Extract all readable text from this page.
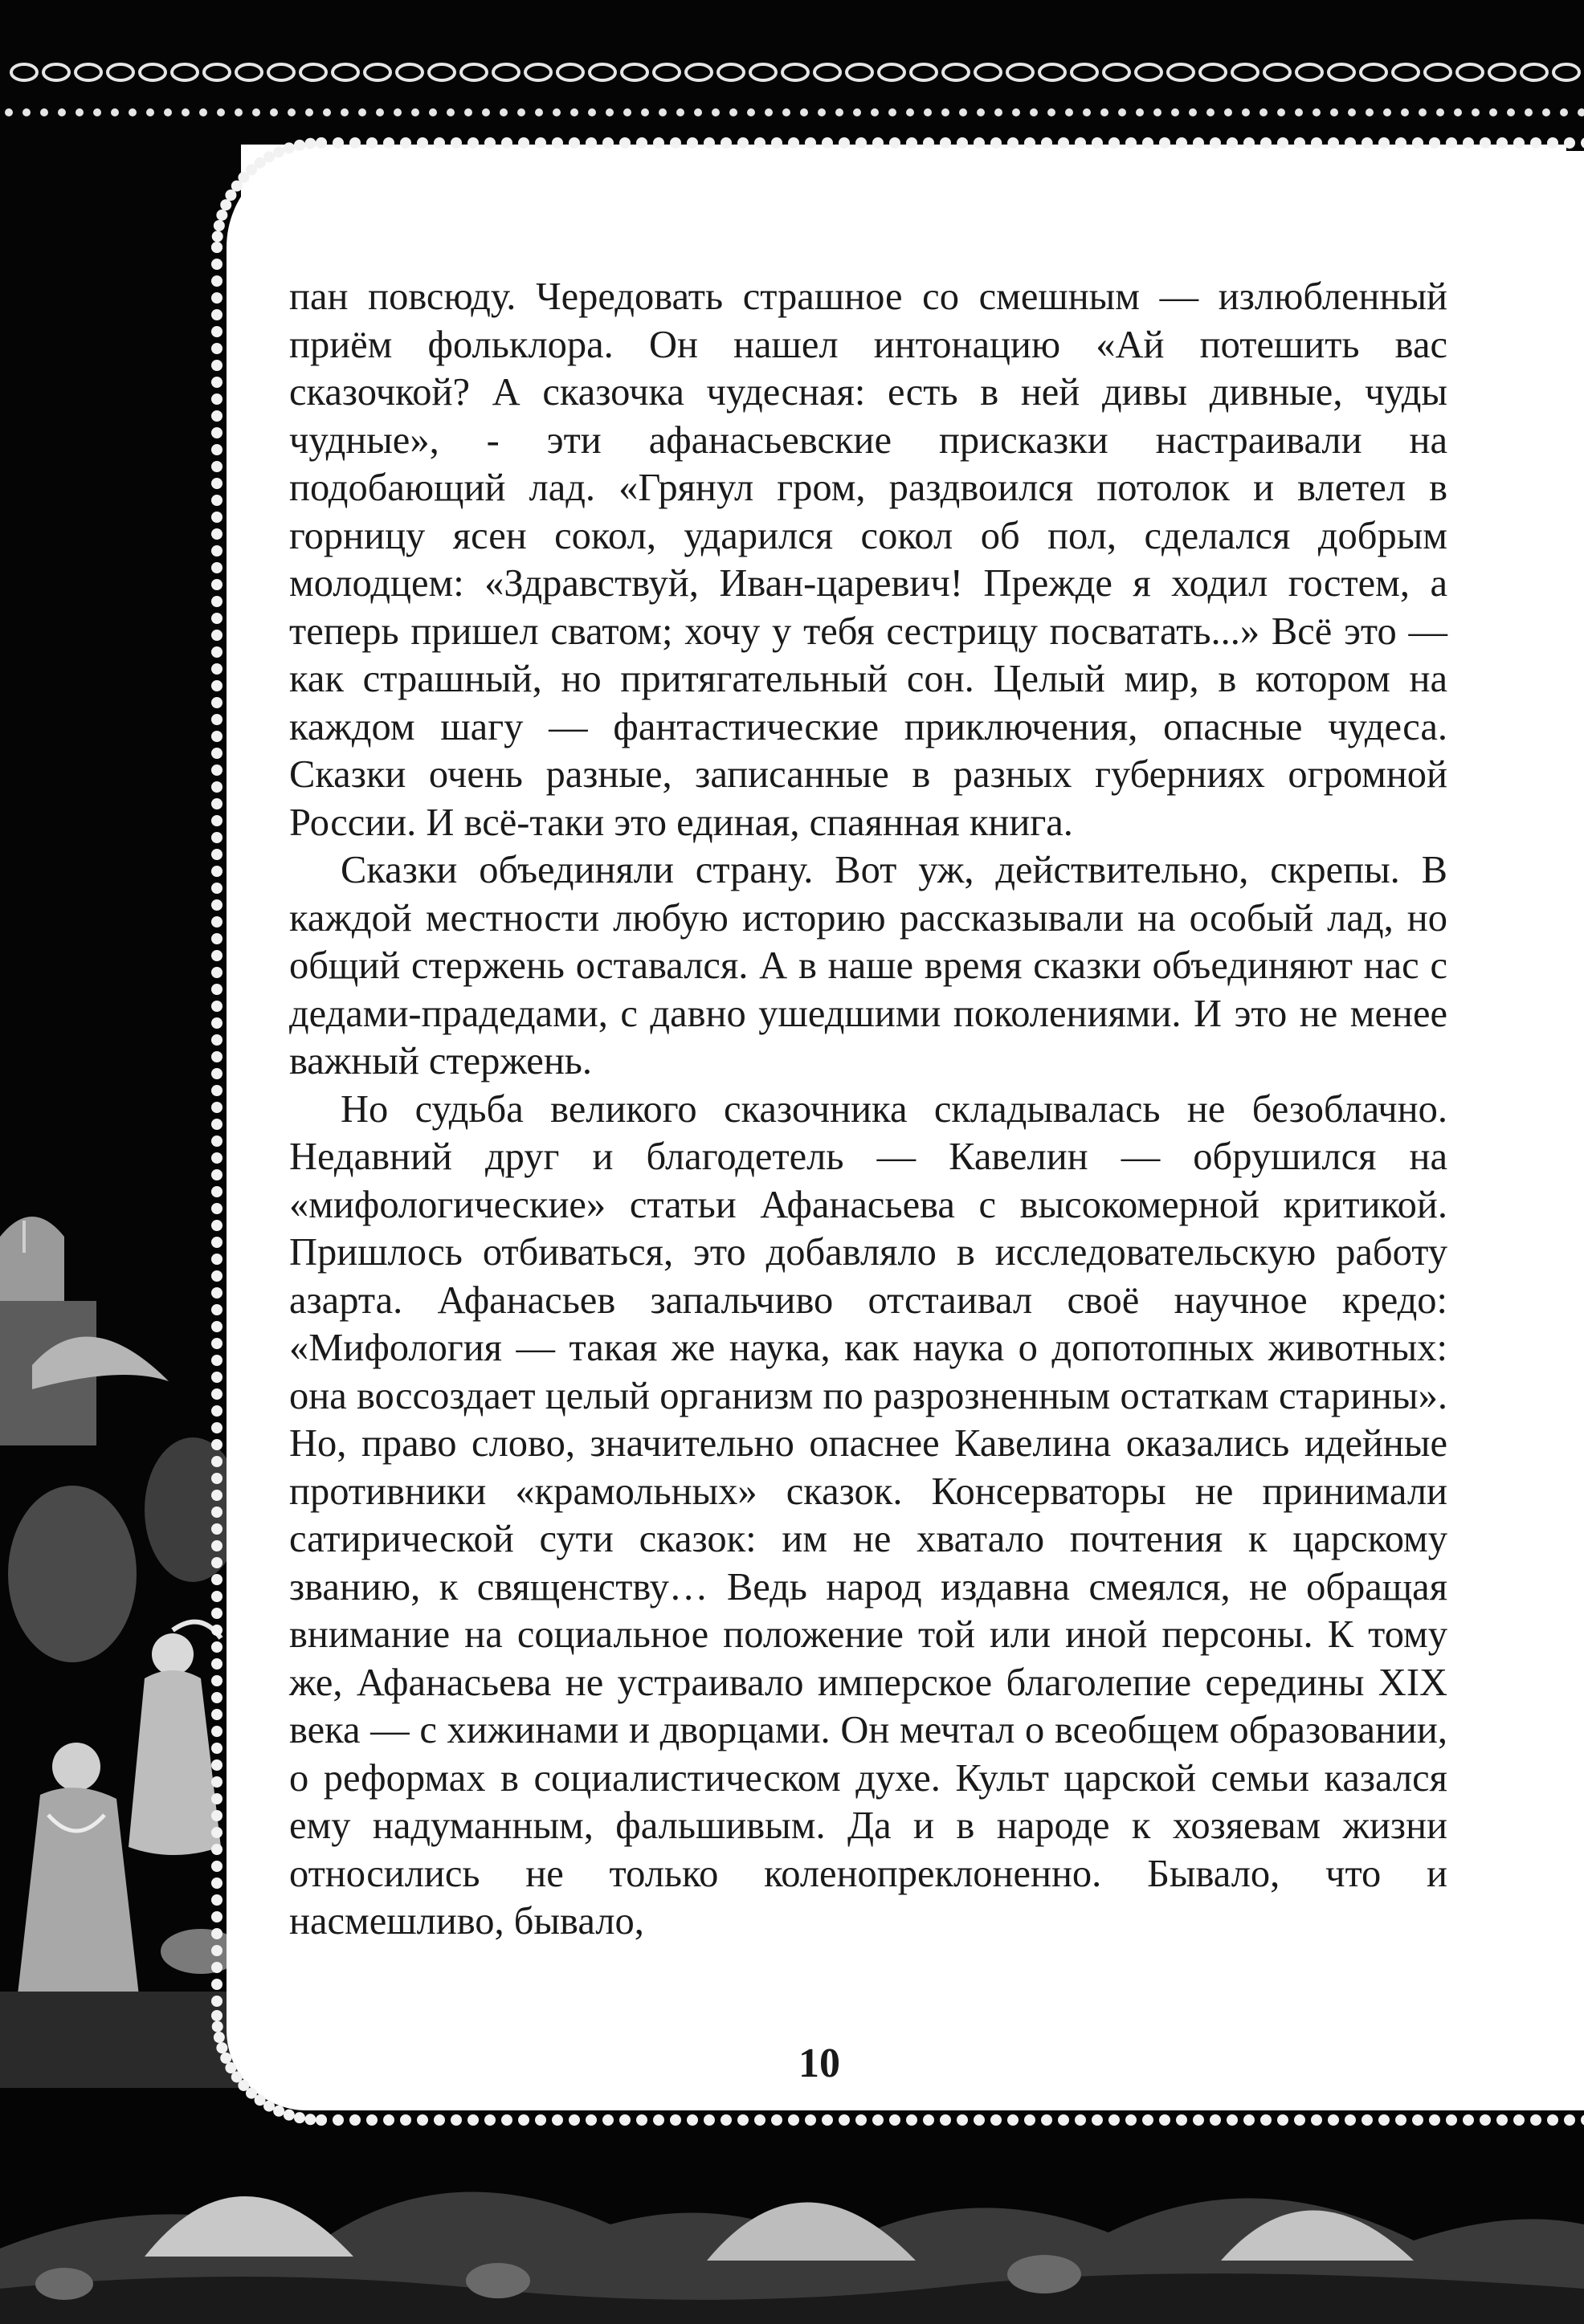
пан повсюду. Чередовать страшное со смешным — излюбленный приём фольклора. Он нашел интонацию «Ай потешить вас сказочкой? А сказочка чудесная: есть в ней дивы дивные, чуды чудные», - эти афанасьевские присказки настраивали на подобающий лад. «Грянул гром, раздвоился потолок и влетел в горницу ясен сокол, ударился сокол об пол, сделался добрым молодцем: «Здравствуй, Иван-царевич! Прежде я ходил гостем, а теперь пришел сватом; хочу у тебя сестрицу посватать...» Всё это — как страшный, но притягательный сон. Целый мир, в котором на каждом шагу — фантастические приключения, опасные чудеса. Сказки очень разные, записанные в разных губерниях огромной России. И всё-таки это единая, спаянная книга.

Сказки объединяли страну. Вот уж, действительно, скрепы. В каждой местности любую историю рассказывали на особый лад, но общий стержень оставался. А в наше время сказки объединяют нас с дедами-прадедами, с давно ушедшими поколениями. И это не менее важный стержень.

Но судьба великого сказочника складывалась не безоблачно. Недавний друг и благодетель — Кавелин — обрушился на «мифологические» статьи Афанасьева с высокомерной критикой. Пришлось отбиваться, это добавляло в исследовательскую работу азарта. Афанасьев запальчиво отстаивал своё научное кредо: «Мифология — такая же наука, как наука о допотопных животных: она воссоздает целый организм по разрозненным остаткам старины». Но, право слово, значительно опаснее Кавелина оказались идейные противники «крамольных» сказок. Консерваторы не принимали сатирической сути сказок: им не хватало почтения к царскому званию, к священству… Ведь народ издавна смеялся, не обращая внимание на социальное положение той или иной персоны. К тому же, Афанасьева не устраивало имперское благолепие середины XIX века — с хижинами и дворцами. Он мечтал о всеобщем образовании, о реформах в социалистическом духе. Культ царской семьи казался ему надуманным, фальшивым. Да и в народе к хозяевам жизни относились не только коленопреклоненно. Бывало, что и насмешливо, бывало,

10
